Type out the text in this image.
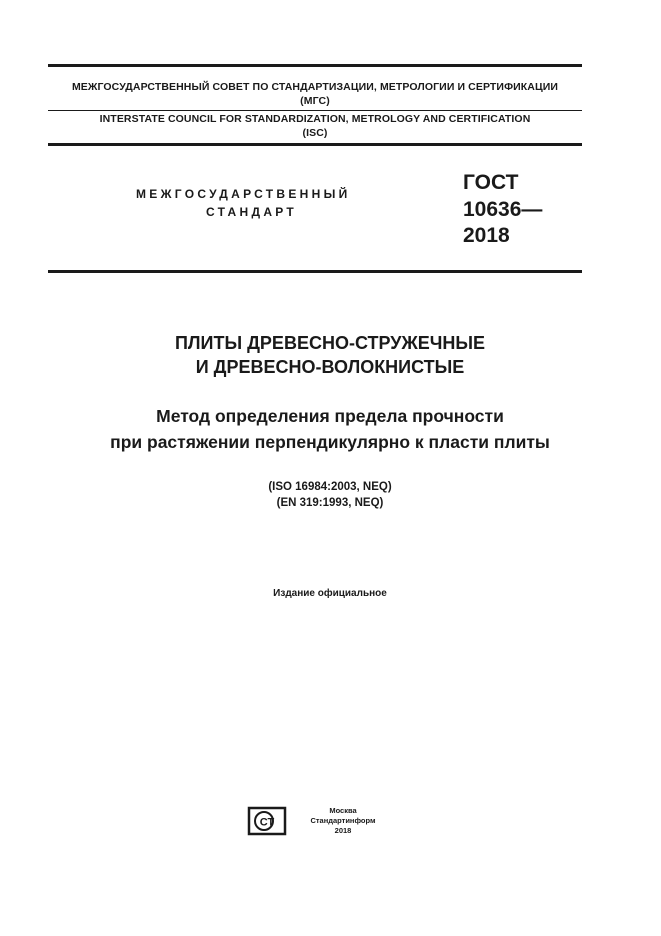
МЕЖГОСУДАРСТВЕННЫЙ СОВЕТ ПО СТАНДАРТИЗАЦИИ, МЕТРОЛОГИИ И СЕРТИФИКАЦИИ
(МГС)
INTERSTATE COUNCIL FOR STANDARDIZATION, METROLOGY AND CERTIFICATION
(ISC)
МЕЖГОСУДАРСТВЕННЫЙ
СТАНДАРТ
ГОСТ
10636—
2018
ПЛИТЫ ДРЕВЕСНО-СТРУЖЕЧНЫЕ
И ДРЕВЕСНО-ВОЛОКНИСТЫЕ
Метод определения предела прочности
при растяжении перпендикулярно к пласти плиты
(ISO 16984:2003, NEQ)
(EN 319:1993, NEQ)
Издание официальное
СТ
Москва
Стандартинформ
2018
